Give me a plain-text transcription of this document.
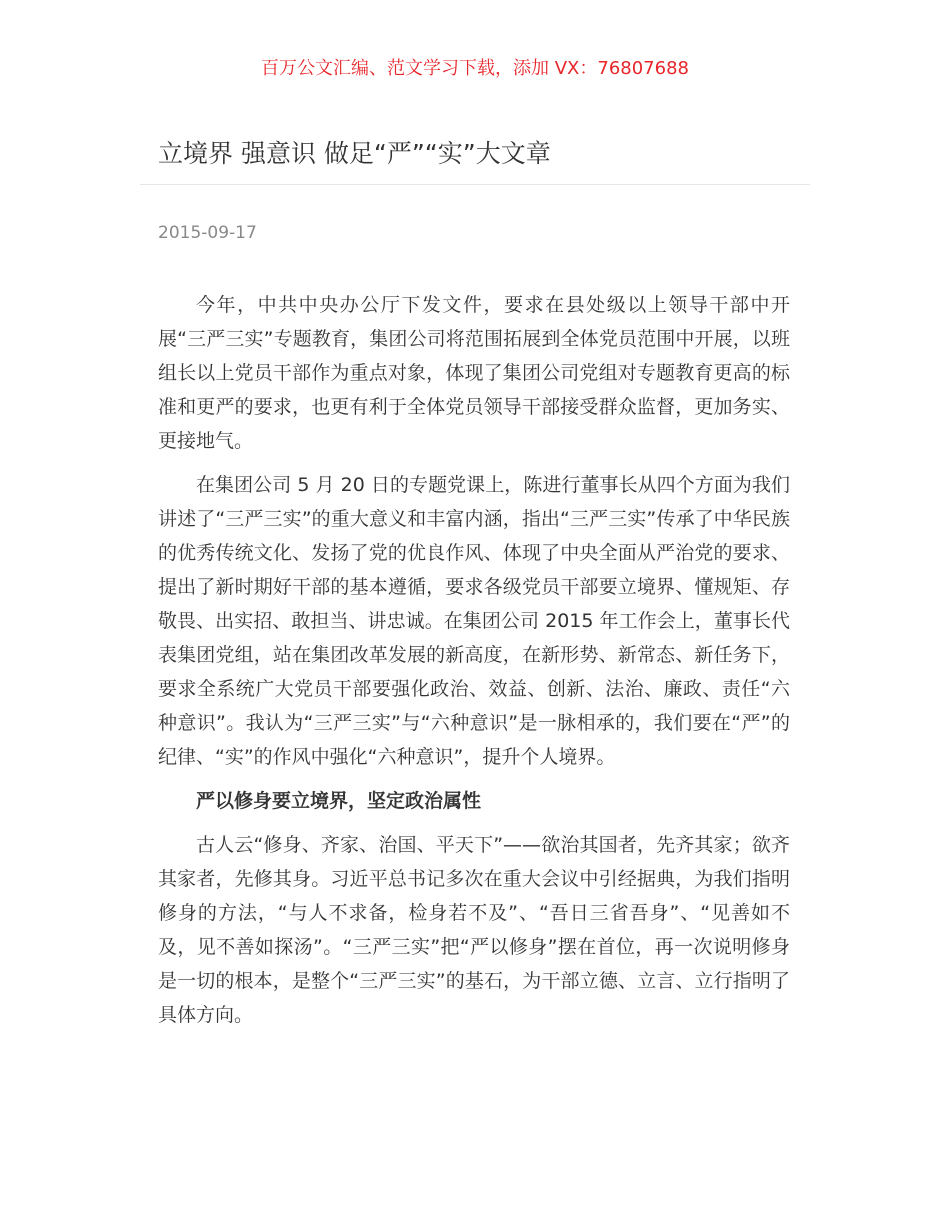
百万公文汇编、范文学习下载，添加 VX：76807688
立境界 强意识 做足“严”“实”大文章
2015-09-17

今年，中共中央办公厅下发文件，要求在县处级以上领导干部中开展“三严三实”专题教育，集团公司将范围拓展到全体党员范围中开展，以班组长以上党员干部作为重点对象，体现了集团公司党组对专题教育更高的标准和更严的要求，也更有利于全体党员领导干部接受群众监督，更加务实、更接地气。

在集团公司 5 月 20 日的专题党课上，陈进行董事长从四个方面为我们讲述了“三严三实”的重大意义和丰富内涵，指出“三严三实”传承了中华民族的优秀传统文化、发扬了党的优良作风、体现了中央全面从严治党的要求、提出了新时期好干部的基本遵循，要求各级党员干部要立境界、懂规矩、存敬畏、出实招、敢担当、讲忠诚。在集团公司 2015 年工作会上，董事长代表集团党组，站在集团改革发展的新高度，在新形势、新常态、新任务下，要求全系统广大党员干部要强化政治、效益、创新、法治、廉政、责任“六种意识”。我认为“三严三实”与“六种意识”是一脉相承的，我们要在“严”的纪律、“实”的作风中强化“六种意识”，提升个人境界。

严以修身要立境界，坚定政治属性

古人云“修身、齐家、治国、平天下”——欲治其国者，先齐其家；欲齐其家者，先修其身。习近平总书记多次在重大会议中引经据典，为我们指明修身的方法，“与人不求备，检身若不及”、“吾日三省吾身”、“见善如不及，见不善如探汤”。“三严三实”把“严以修身”摆在首位，再一次说明修身是一切的根本，是整个“三严三实”的基石，为干部立德、立言、立行指明了具体方向。
